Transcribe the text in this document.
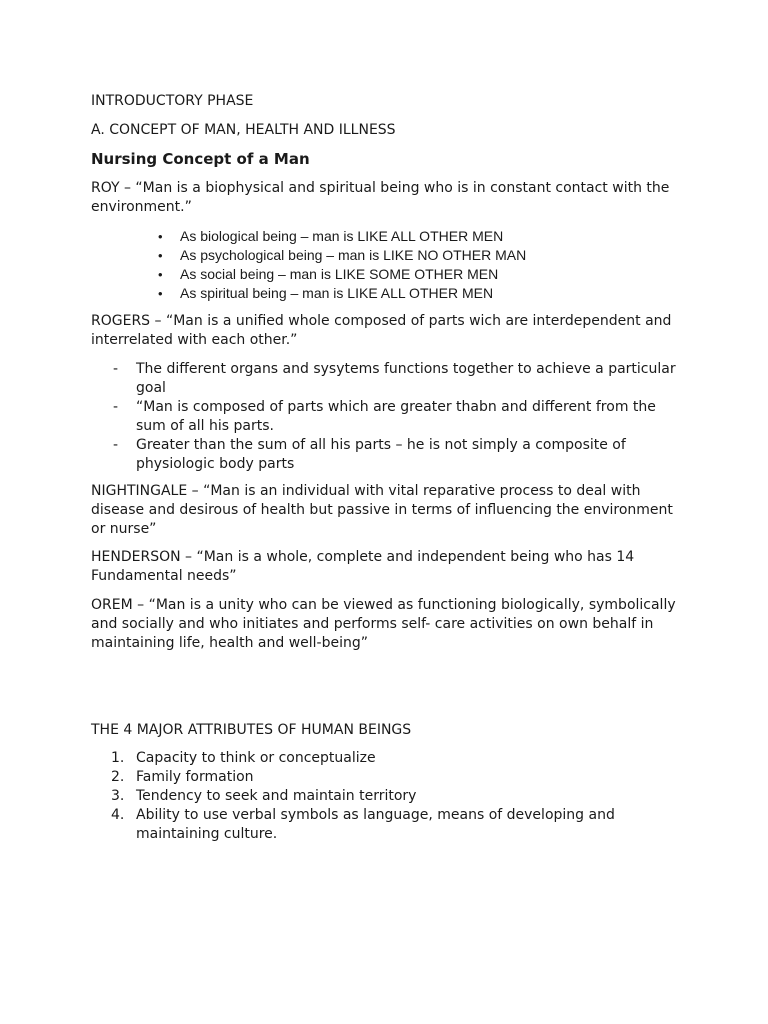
INTRODUCTORY PHASE

A. CONCEPT OF MAN, HEALTH AND ILLNESS

Nursing Concept of a Man

ROY – “Man is a biophysical and spiritual being who is in constant contact with the environment.”

• As biological being – man is LIKE ALL OTHER MEN
• As psychological being – man is LIKE NO OTHER MAN
• As social being – man is LIKE SOME OTHER MEN
• As spiritual being – man is LIKE ALL OTHER MEN

ROGERS – “Man is a unified whole composed of parts wich are interdependent and interrelated with each other.”

- The different organs and sysytems functions together to achieve a particular goal
- “Man is composed of parts which are greater thabn and different from the sum of all his parts.
- Greater than the sum of all his parts – he is not simply a composite of physiologic body parts

NIGHTINGALE – “Man is an individual with vital reparative process to deal with disease and desirous of health but passive in terms of influencing the environment or nurse”

HENDERSON – “Man is a whole, complete and independent being who has 14 Fundamental needs”

OREM – “Man is a unity who can be viewed as functioning biologically, symbolically and socially and who initiates and performs self- care activities on own behalf in maintaining life, health and well-being”

THE 4 MAJOR ATTRIBUTES OF HUMAN BEINGS

1. Capacity to think or conceptualize
2. Family formation
3. Tendency to seek and maintain territory
4. Ability to use verbal symbols as language, means of developing and maintaining culture.
